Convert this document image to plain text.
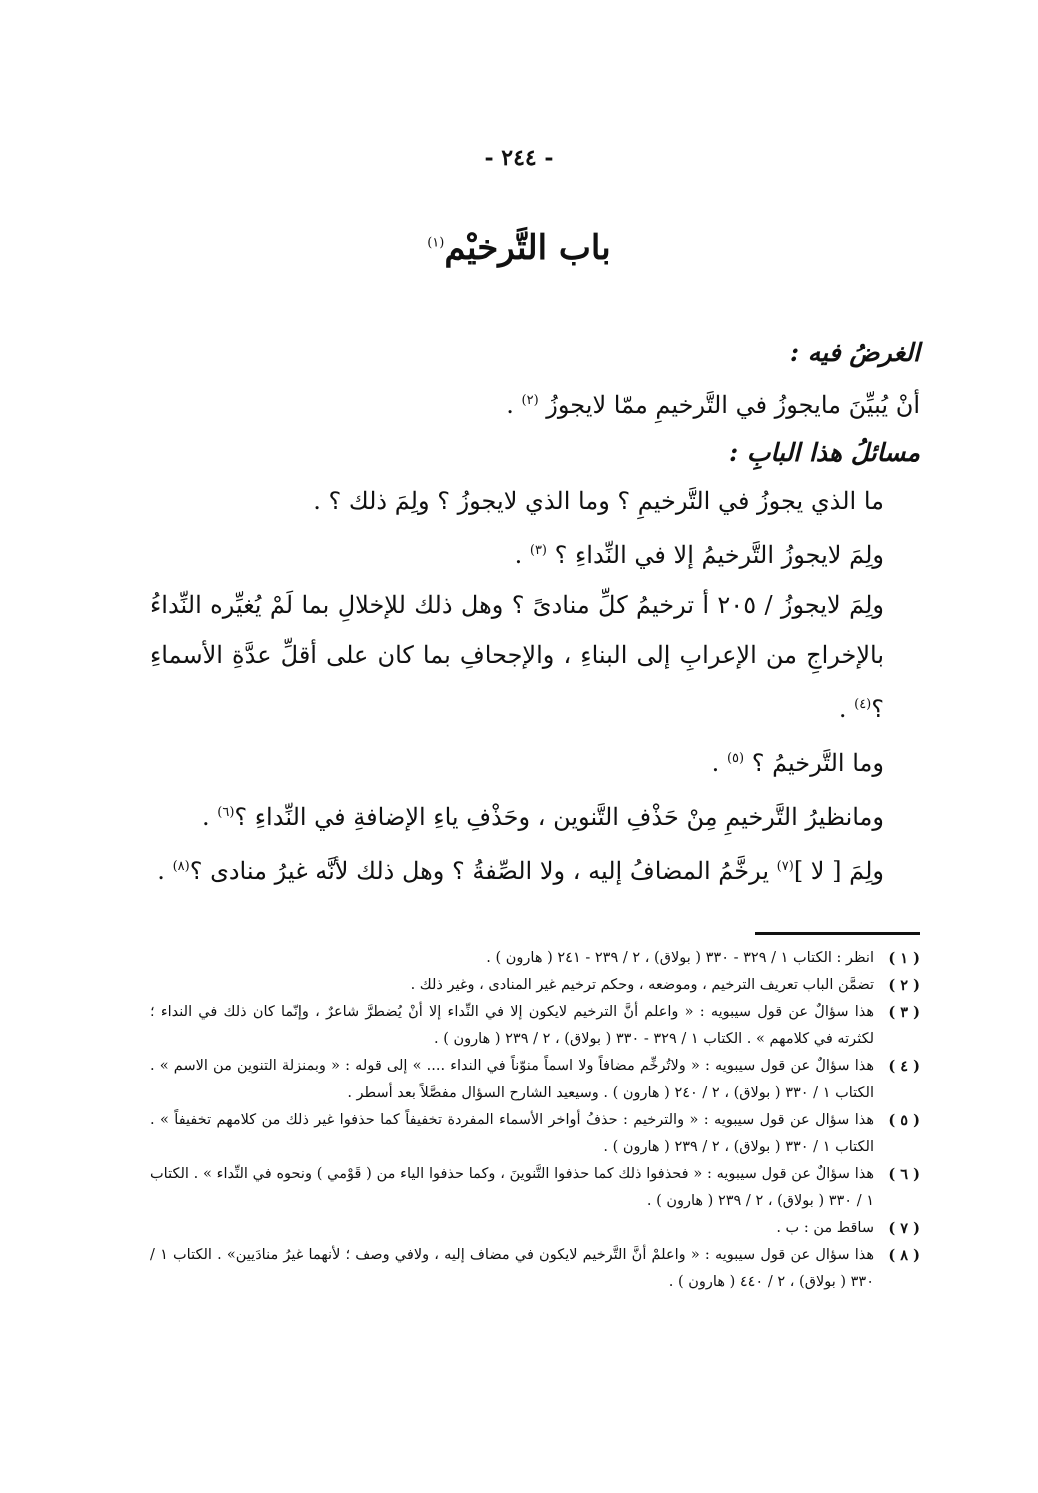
- ٢٤٤ -
باب التَّرخيْم$^{(١)}$

الغرضُ فيه :

أنْ يُبيِّنَ مايجوزُ في التَّرخيمِ ممّا لايجوزُ $^{(٢)}$ .

مسائلُ هذا البابِ :

ما الذي يجوزُ في التَّرخيمِ ؟ وما الذي لايجوزُ ؟ ولِمَ ذلك ؟ .

ولِمَ لايجوزُ التَّرخيمُ إلا في النِّداءِ ؟ $^{(٣)}$ .

ولِمَ لايجوزُ / ٢٠٥ أ ترخيمُ كلِّ منادىً ؟ وهل ذلك للإخلالِ بما لَمْ يُغيِّره النِّداءُ بالإخراجِ من الإعرابِ إلى البناءِ ، والإجحافِ بما كان على أقلِّ عدَّةِ الأسماءِ ؟$^{(٤)}$ .

وما التَّرخيمُ ؟ $^{(٥)}$ .

ومانظيرُ التَّرخيمِ مِنْ حَذْفِ التَّنوين ، وحَذْفِ ياءِ الإضافةِ في النِّداءِ ؟$^{(٦)}$ .

ولِمَ [ لا ]$^{(٧)}$ يرخَّمُ المضافُ إليه ، ولا الصِّفةُ ؟ وهل ذلك لأنَّه غيرُ منادى ؟$^{(٨)}$ .

( ١ )
انظر : الكتاب ١ / ٣٢٩ - ٣٣٠ ( بولاق) ، ٢ / ٢٣٩ - ٢٤١ ( هارون ) .
( ٢ )
تضمَّن الباب تعريف الترخيم ، وموضعه ، وحكم ترخيم غير المنادى ، وغير ذلك .
( ٣ )
هذا سؤالٌ عن قول سيبويه : « واعلم أنَّ الترخيم لايكون إلا في النِّداء إلا أنْ يُضطرَّ شاعرٌ ، وإنّما كان ذلك في النداء ؛ لكثرته في كلامهم » . الكتاب ١ / ٣٢٩ - ٣٣٠ ( بولاق) ، ٢ / ٢٣٩ ( هارون ) .
( ٤ )
هذا سؤالٌ عن قول سيبويه : « ولاتُرخِّم مضافاً ولا اسماً منوّناً في النداء .... » إلى قوله : « وبمنزلة التنوين من الاسم » . الكتاب ١ / ٣٣٠ ( بولاق) ، ٢ / ٢٤٠ ( هارون ) . وسيعيد الشارح السؤال مفصَّلاً بعد أسطر .
( ٥ )
هذا سؤال عن قول سيبويه : « والترخيم : حذفُ أواخر الأسماء المفردة تخفيفاً كما حذفوا غير ذلك من كلامهم تخفيفاً » . الكتاب ١ / ٣٣٠ ( بولاق) ، ٢ / ٢٣٩ ( هارون ) .
( ٦ )
هذا سؤالٌ عن قول سيبويه : « فحذفوا ذلك كما حذفوا التَّنوينَ ، وكما حذفوا الياء من ( قَوْمي ) ونحوه في النِّداء » . الكتاب ١ / ٣٣٠ ( بولاق) ، ٢ / ٢٣٩ ( هارون ) .
( ٧ )
ساقط من : ب .
( ٨ )
هذا سؤال عن قول سيبويه : « واعلمْ أنَّ التَّرخيم لايكون في مضاف إليه ، ولافي وصف ؛ لأنهما غيرُ منادَيين» . الكتاب ١ / ٣٣٠ ( بولاق) ، ٢ / ٤٤٠ ( هارون ) .
